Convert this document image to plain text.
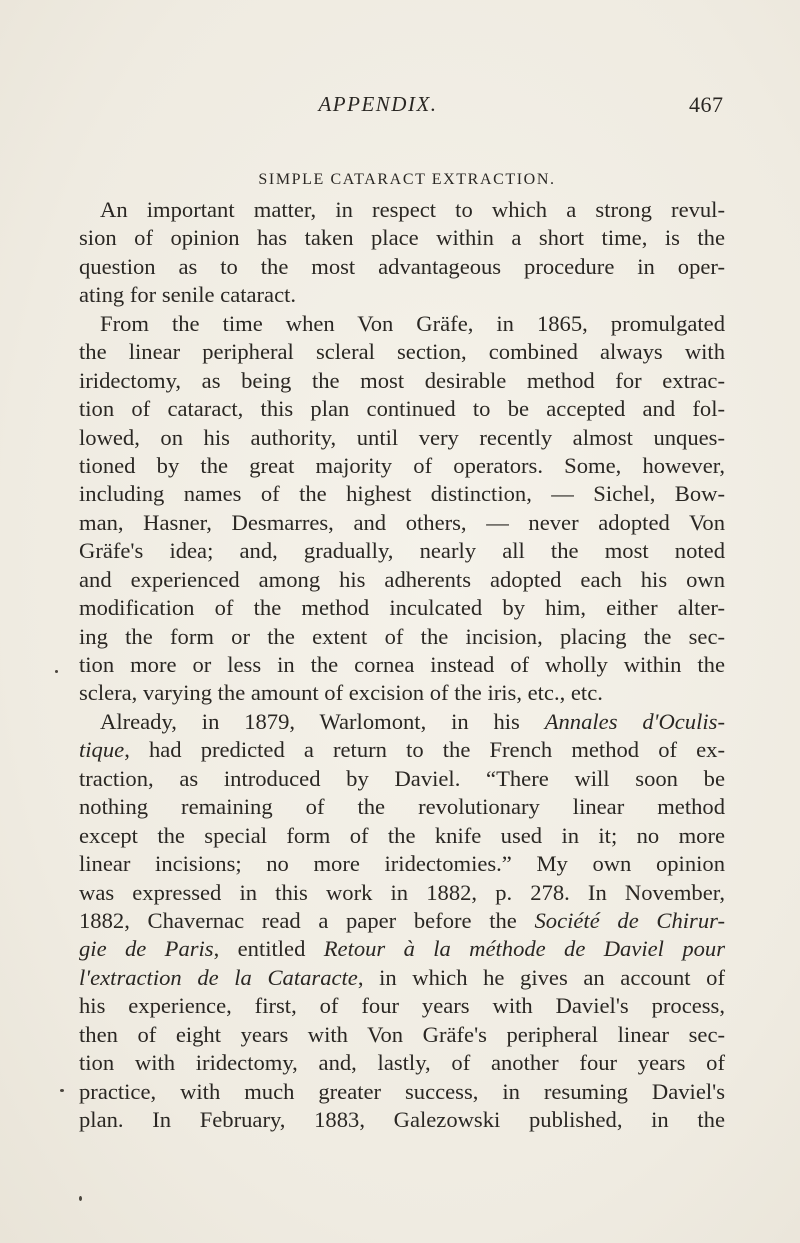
APPENDIX.	467
SIMPLE CATARACT EXTRACTION.
An important matter, in respect to which a strong revul-
sion of opinion has taken place within a short time, is the
question as to the most advantageous procedure in oper-
ating for senile cataract.
From the time when Von Gräfe, in 1865, promulgated
the linear peripheral scleral section, combined always with
iridectomy, as being the most desirable method for extrac-
tion of cataract, this plan continued to be accepted and fol-
lowed, on his authority, until very recently almost unques-
tioned by the great majority of operators. Some, however,
including names of the highest distinction, — Sichel, Bow-
man, Hasner, Desmarres, and others, — never adopted Von
Gräfe's idea; and, gradually, nearly all the most noted
and experienced among his adherents adopted each his own
modification of the method inculcated by him, either alter-
ing the form or the extent of the incision, placing the sec-
tion more or less in the cornea instead of wholly within the
sclera, varying the amount of excision of the iris, etc., etc.
Already, in 1879, Warlomont, in his Annales d'Oculis-
tique, had predicted a return to the French method of ex-
traction, as introduced by Daviel. “There will soon be
nothing remaining of the revolutionary linear method
except the special form of the knife used in it; no more
linear incisions; no more iridectomies.” My own opinion
was expressed in this work in 1882, p. 278. In November,
1882, Chavernac read a paper before the Société de Chirur-
gie de Paris, entitled Retour à la méthode de Daviel pour
l'extraction de la Cataracte, in which he gives an account of
his experience, first, of four years with Daviel's process,
then of eight years with Von Gräfe's peripheral linear sec-
tion with iridectomy, and, lastly, of another four years of
practice, with much greater success, in resuming Daviel's
plan. In February, 1883, Galezowski published, in the
